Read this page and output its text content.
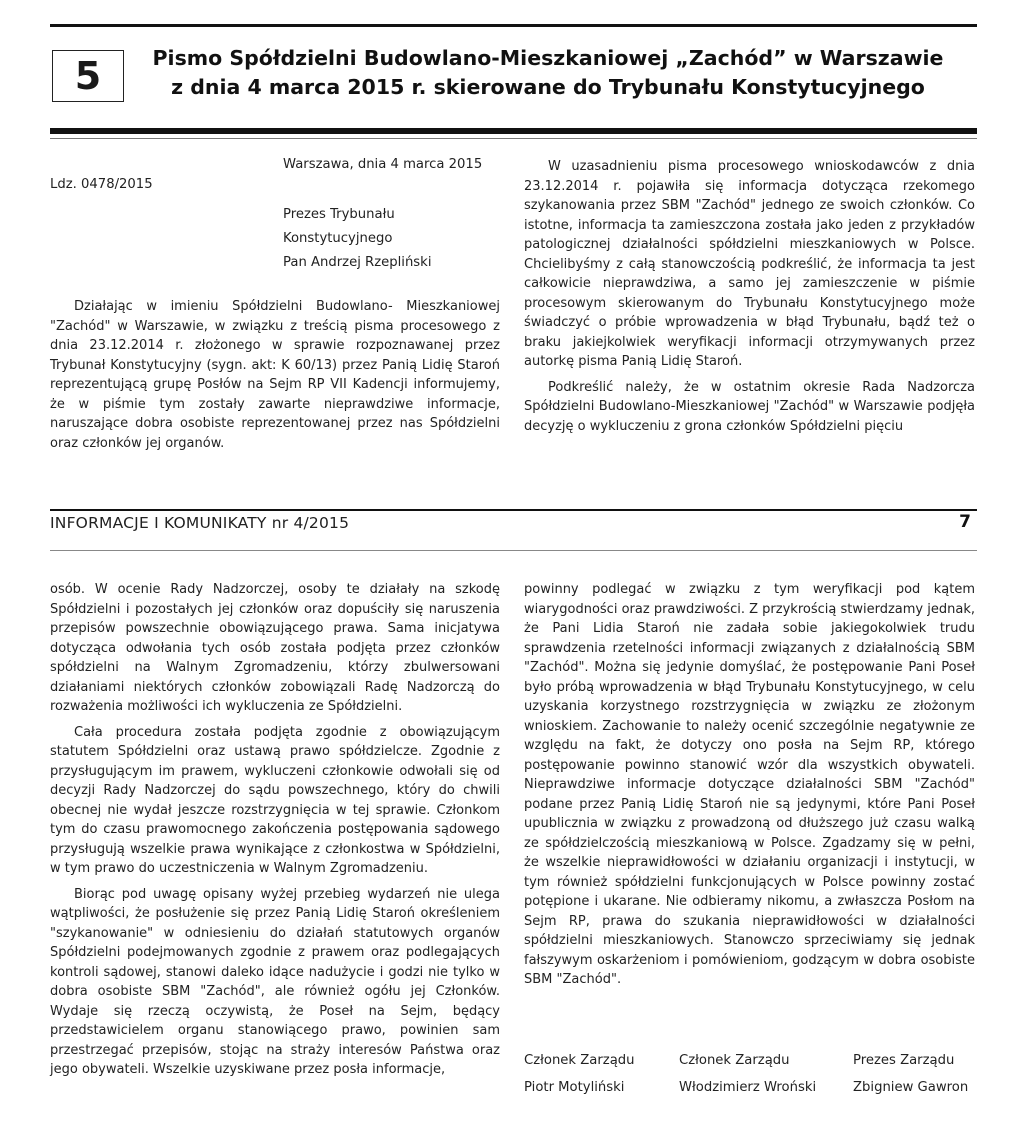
5	Pismo Spółdzielni Budowlano-Mieszkaniowej „Zachód” w Warszawie
z dnia 4 marca 2015 r. skierowane do Trybunału Konstytucyjnego
Warszawa, dnia 4 marca 2015
Ldz. 0478/2015
Prezes Trybunału
Konstytucyjnego
Pan Andrzej Rzepliński

Działając w imieniu Spółdzielni Budowlano- Mieszkaniowej "Zachód" w Warszawie, w związku z treścią pisma procesowego z dnia 23.12.2014 r. złożonego w sprawie rozpoznawanej przez Trybunał Konstytucyjny (sygn. akt: K 60/13) przez Panią Lidię Staroń reprezentującą grupę Posłów na Sejm RP VII Kadencji informujemy, że w piśmie tym zostały zawarte nieprawdziwe informacje, naruszające dobra osobiste reprezentowanej przez nas Spółdzielni oraz członków jej organów.

W uzasadnieniu pisma procesowego wnioskodawców z dnia 23.12.2014 r. pojawiła się informacja dotycząca rzekomego szykanowania przez SBM "Zachód" jednego ze swoich członków. Co istotne, informacja ta zamieszczona została jako jeden z przykładów patologicznej działalności spółdzielni mieszkaniowych w Polsce. Chcielibyśmy z całą stanowczością podkreślić, że informacja ta jest całkowicie nieprawdziwa, a samo jej zamieszczenie w piśmie procesowym skierowanym do Trybunału Konstytucyjnego może świadczyć o próbie wprowadzenia w błąd Trybunału, bądź też o braku jakiejkolwiek weryfikacji informacji otrzymywanych przez autorkę pisma Panią Lidię Staroń.

Podkreślić należy, że w ostatnim okresie Rada Nadzorcza Spółdzielni Budowlano-Mieszkaniowej "Zachód" w Warszawie podjęła decyzję o wykluczeniu z grona członków Spółdzielni pięciu

INFORMACJE I KOMUNIKATY nr 4/2015	7

osób. W ocenie Rady Nadzorczej, osoby te działały na szkodę Spółdzielni i pozostałych jej członków oraz dopuściły się naruszenia przepisów powszechnie obowiązującego prawa. Sama inicjatywa dotycząca odwołania tych osób została podjęta przez członków spółdzielni na Walnym Zgromadzeniu, którzy zbulwersowani działaniami niektórych członków zobowiązali Radę Nadzorczą do rozważenia możliwości ich wykluczenia ze Spółdzielni.

Cała procedura została podjęta zgodnie z obowiązującym statutem Spółdzielni oraz ustawą prawo spółdzielcze. Zgodnie z przysługującym im prawem, wykluczeni członkowie odwołali się od decyzji Rady Nadzorczej do sądu powszechnego, który do chwili obecnej nie wydał jeszcze rozstrzygnięcia w tej sprawie. Członkom tym do czasu prawomocnego zakończenia postępowania sądowego przysługują wszelkie prawa wynikające z członkostwa w Spółdzielni, w tym prawo do uczestniczenia w Walnym Zgromadzeniu.

Biorąc pod uwagę opisany wyżej przebieg wydarzeń nie ulega wątpliwości, że posłużenie się przez Panią Lidię Staroń określeniem "szykanowanie" w odniesieniu do działań statutowych organów Spółdzielni podejmowanych zgodnie z prawem oraz podlegających kontroli sądowej, stanowi daleko idące nadużycie i godzi nie tylko w dobra osobiste SBM "Zachód", ale również ogółu jej Członków. Wydaje się rzeczą oczywistą, że Poseł na Sejm, będący przedstawicielem organu stanowiącego prawo, powinien sam przestrzegać przepisów, stojąc na straży interesów Państwa oraz jego obywateli. Wszelkie uzyskiwane przez posła informacje,

powinny podlegać w związku z tym weryfikacji pod kątem wiarygodności oraz prawdziwości. Z przykrością stwierdzamy jednak, że Pani Lidia Staroń nie zadała sobie jakiegokolwiek trudu sprawdzenia rzetelności informacji związanych z działalnością SBM "Zachód". Można się jedynie domyślać, że postępowanie Pani Poseł było próbą wprowadzenia w błąd Trybunału Konstytucyjnego, w celu uzyskania korzystnego rozstrzygnięcia w związku ze złożonym wnioskiem. Zachowanie to należy ocenić szczególnie negatywnie ze względu na fakt, że dotyczy ono posła na Sejm RP, którego postępowanie powinno stanowić wzór dla wszystkich obywateli. Nieprawdziwe informacje dotyczące działalności SBM "Zachód" podane przez Panią Lidię Staroń nie są jedynymi, które Pani Poseł upublicznia w związku z prowadzoną od dłuższego już czasu walką ze spółdzielczością mieszkaniową w Polsce. Zgadzamy się w pełni, że wszelkie nieprawidłowości w działaniu organizacji i instytucji, w tym również spółdzielni funkcjonujących w Polsce powinny zostać potępione i ukarane. Nie odbieramy nikomu, a zwłaszcza Posłom na Sejm RP, prawa do szukania nieprawidłowości w działalności spółdzielni mieszkaniowych. Stanowczo sprzeciwiamy się jednak fałszywym oskarżeniom i pomówieniom, godzącym w dobra osobiste SBM "Zachód".

Członek Zarządu
Piotr Motyliński
Członek Zarządu
Włodzimierz Wroński
Prezes Zarządu
Zbigniew Gawron
